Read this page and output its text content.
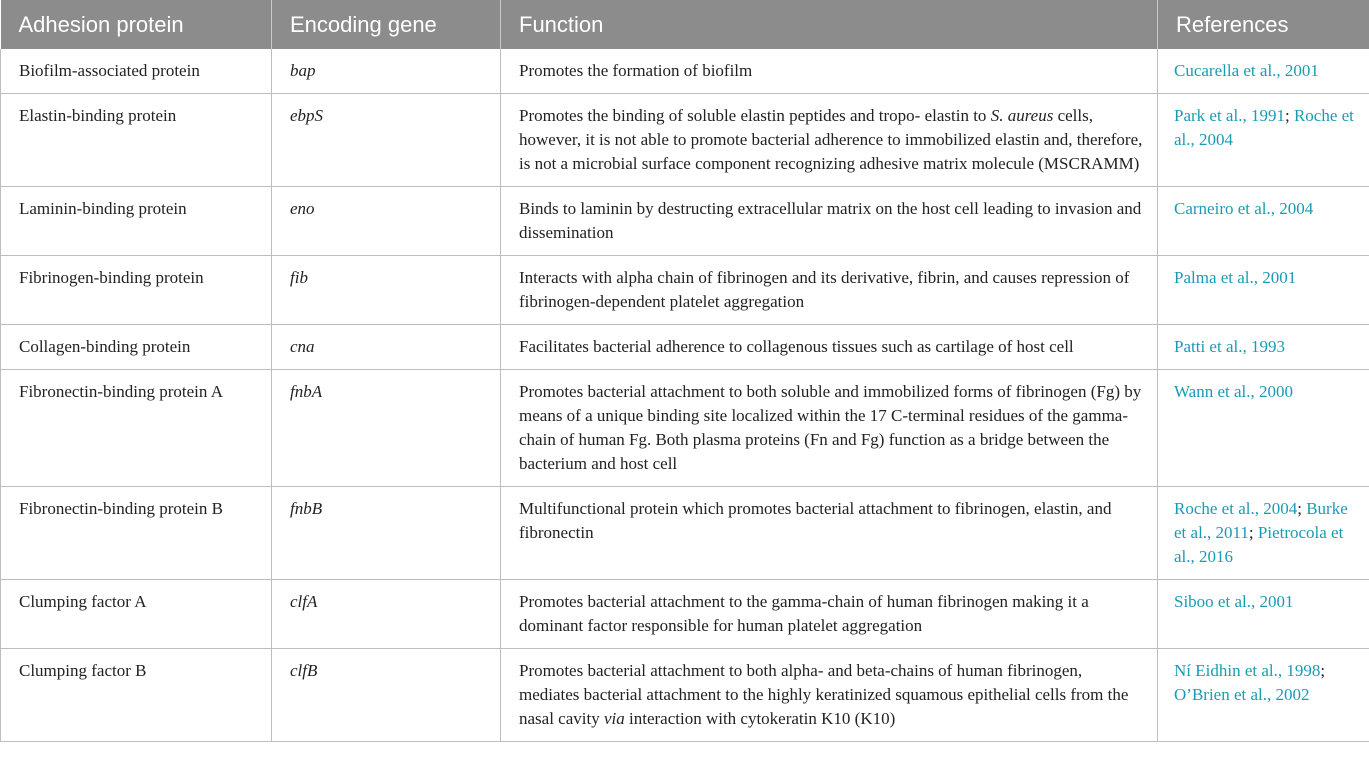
Adhesion protein	Encoding gene	Function	References
Biofilm-associated protein	bap	Promotes the formation of biofilm	Cucarella et al., 2001
Elastin-binding protein	ebpS	Promotes the binding of soluble elastin peptides and tropo- elastin to S. aureus cells, however, it is not able to promote bacterial adherence to immobilized elastin and, therefore, is not a microbial surface component recognizing adhesive matrix molecule (MSCRAMM)	Park et al., 1991; Roche et al., 2004
Laminin-binding protein	eno	Binds to laminin by destructing extracellular matrix on the host cell leading to invasion and dissemination	Carneiro et al., 2004
Fibrinogen-binding protein	fib	Interacts with alpha chain of fibrinogen and its derivative, fibrin, and causes repression of fibrinogen-dependent platelet aggregation	Palma et al., 2001
Collagen-binding protein	cna	Facilitates bacterial adherence to collagenous tissues such as cartilage of host cell	Patti et al., 1993
Fibronectin-binding protein A	fnbA	Promotes bacterial attachment to both soluble and immobilized forms of fibrinogen (Fg) by means of a unique binding site localized within the 17 C-terminal residues of the gamma-chain of human Fg. Both plasma proteins (Fn and Fg) function as a bridge between the bacterium and host cell	Wann et al., 2000
Fibronectin-binding protein B	fnbB	Multifunctional protein which promotes bacterial attachment to fibrinogen, elastin, and fibronectin	Roche et al., 2004; Burke et al., 2011; Pietrocola et al., 2016
Clumping factor A	clfA	Promotes bacterial attachment to the gamma-chain of human fibrinogen making it a dominant factor responsible for human platelet aggregation	Siboo et al., 2001
Clumping factor B	clfB	Promotes bacterial attachment to both alpha- and beta-chains of human fibrinogen, mediates bacterial attachment to the highly keratinized squamous epithelial cells from the nasal cavity via interaction with cytokeratin K10 (K10)	Ní Eidhin et al., 1998; O’Brien et al., 2002
